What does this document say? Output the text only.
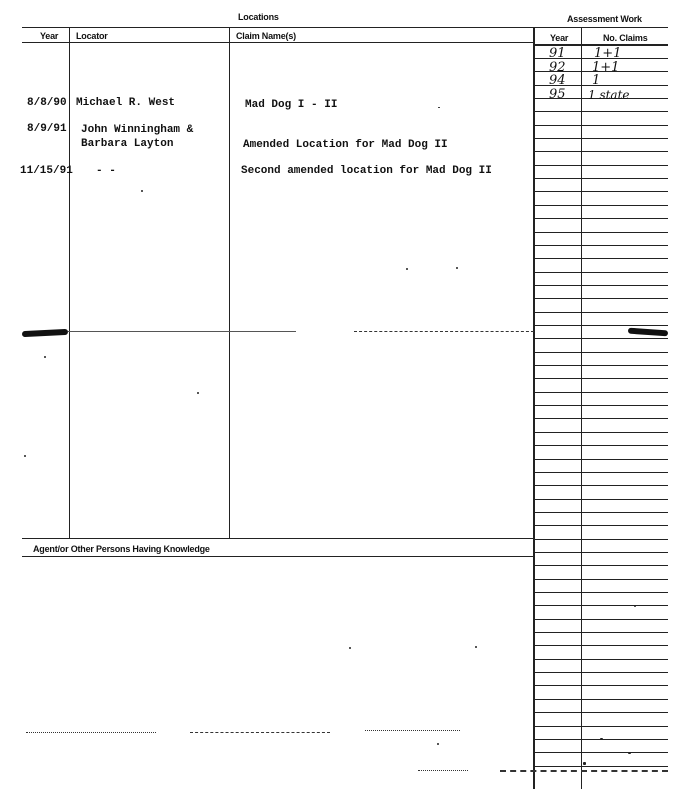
Locations	Assessment Work
Year Locator	Claim Name(s)	Year	No. Claims
91 1+1
92 1+1
94 1
95 1 state
8/8/90 Michael R. West	Mad Dog I - II
8/9/91 John Winningham &
Barbara Layton	Amended Location for Mad Dog II
11/15/91 - -	Second amended location for Mad Dog II
Agent/or Other Persons Having Knowledge
